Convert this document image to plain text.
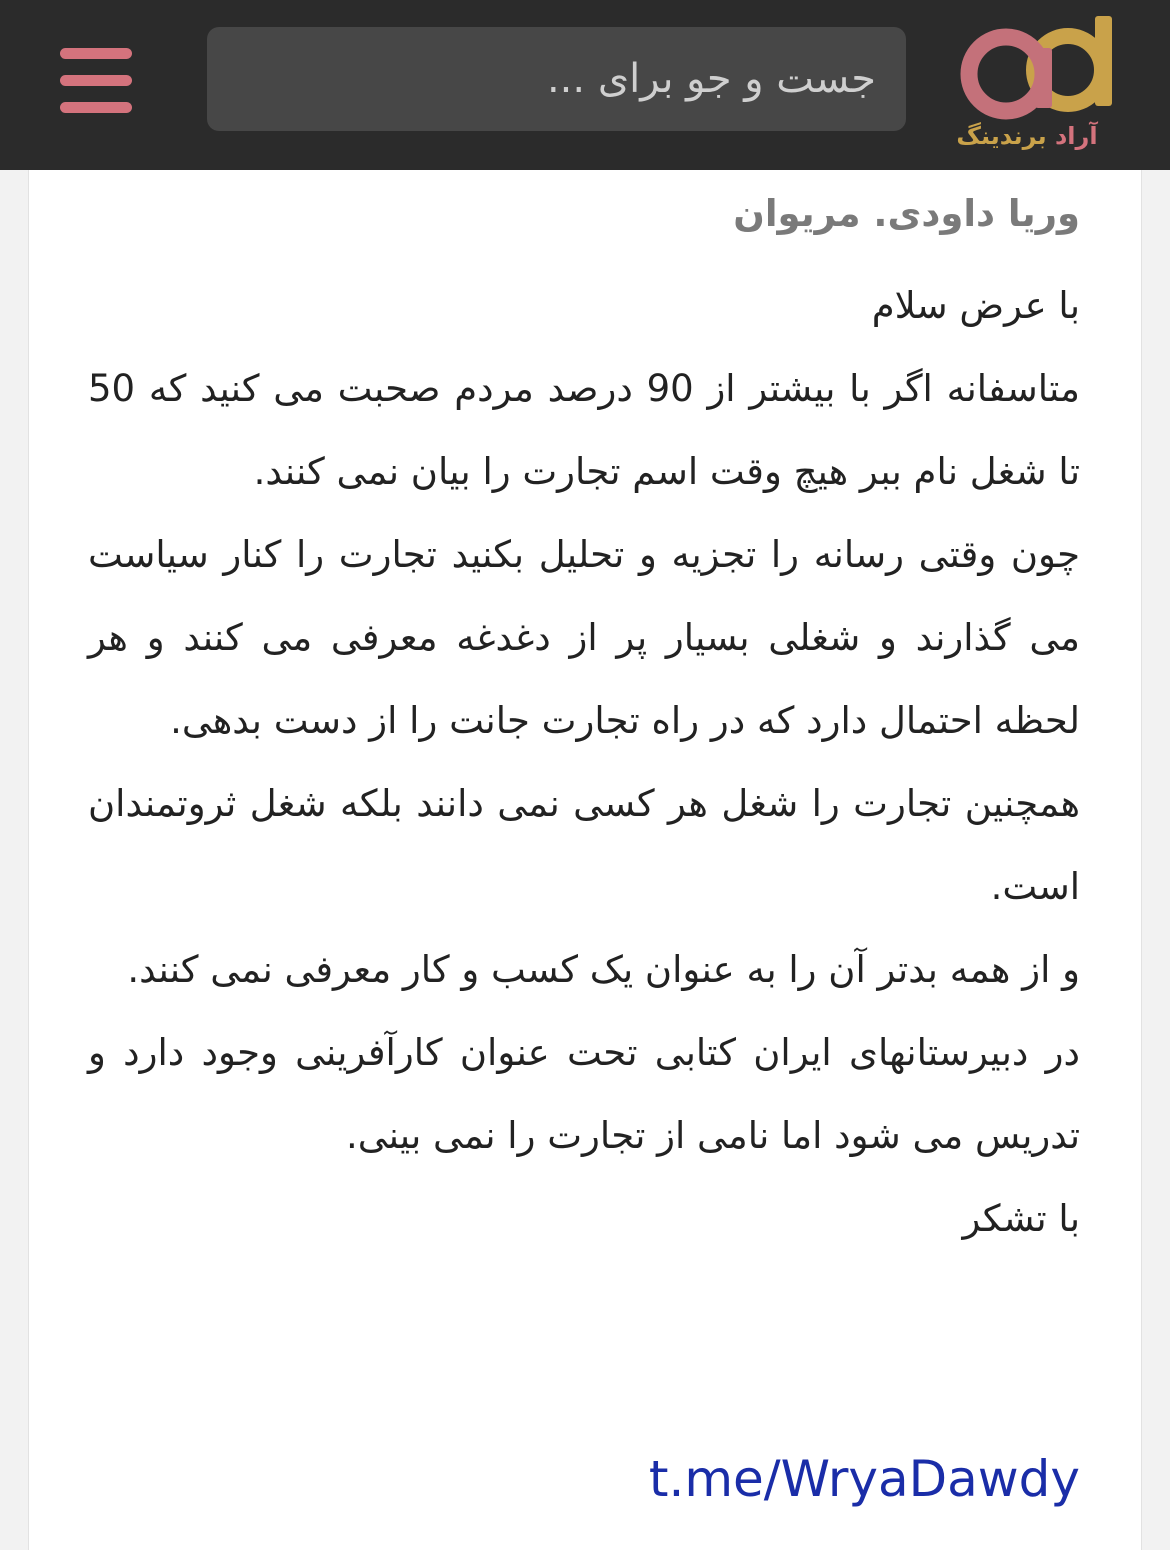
جست و جو برای ...
آراد برندینگ
وریا داودی. مریوان

با عرض سلام

متاسفانه اگر با بیشتر از 90 درصد مردم صحبت می کنید که 50 تا شغل نام ببر هیچ وقت اسم تجارت را بیان نمی کنند.

چون وقتی رسانه را تجزیه و تحلیل بکنید تجارت را کنار سیاست می گذارند و شغلی بسیار پر از دغدغه معرفی می کنند و هر لحظه احتمال دارد که در راه تجارت جانت را از دست بدهی.

همچنین تجارت را شغل هر کسی نمی دانند بلکه شغل ثروتمندان است.

و از همه بدتر آن را به عنوان یک کسب و کار معرفی نمی کنند.

در دبیرستانهای ایران کتابی تحت عنوان کارآفرینی وجود دارد و تدریس می شود اما نامی از تجارت را نمی بینی.

با تشکر

t.me/WryaDawdy
